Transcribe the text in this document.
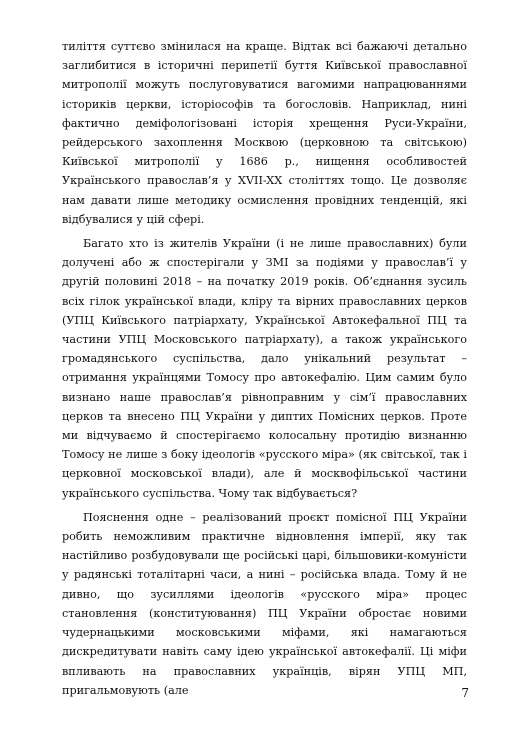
тиліття суттєво змінилася на краще. Відтак всі бажаючі детально заглибитися в історичні перипетії буття Київської православної митрополії можуть послуговуватися вагомими напрацюваннями істориків церкви, історіософів та богословів. Наприклад, нині фактично деміфологізовані історія хрещення Руси-України, рейдерського захоплення Москвою (церковною та світською) Київської митрополії у 1686 р., нищення особливостей Українського православ’я у XVII-XX століттях тощо. Це дозволяє нам давати лише методику осмислення провідних тенденцій, які відбувалися у цій сфері.

Багато хто із жителів України (і не лише православних) були долучені або ж спостерігали у ЗМІ за подіями у православ’ї у другій половині 2018 – на початку 2019 років. Об’єднання зусиль всіх гілок української влади, кліру та вірних православних церков (УПЦ Київського патріархату, Української Автокефальної ПЦ та частини УПЦ Московського патріархату), а також українського громадянського суспільства, дало унікальний результат – отримання українцями Томосу про автокефалію. Цим самим було визнано наше православ’я рівноправним у сім’ї православних церков та внесено ПЦ України у диптих Помісних церков. Проте ми відчуваємо й спостерігаємо колосальну протидію визнанню Томосу не лише з боку ідеологів «русского міра» (як світської, так і церковної московської влади), але й москвофільської частини українського суспільства. Чому так відбувається?

Пояснення одне – реалізований проєкт помісної ПЦ України робить неможливим практичне відновлення імперії, яку так настійливо розбудовували ще російські царі, більшовики-комуністи у радянські тоталітарні часи, а нині – російська влада. Тому й не дивно, що зусиллями ідеологів «русского міра» процес становлення (конституювання) ПЦ України обростає новими чудернацькими московськими міфами, які намагаються дискредитувати навіть саму ідею української автокефалії. Ці міфи впливають на православних українців, вірян УПЦ МП, пригальмовують (але	7
